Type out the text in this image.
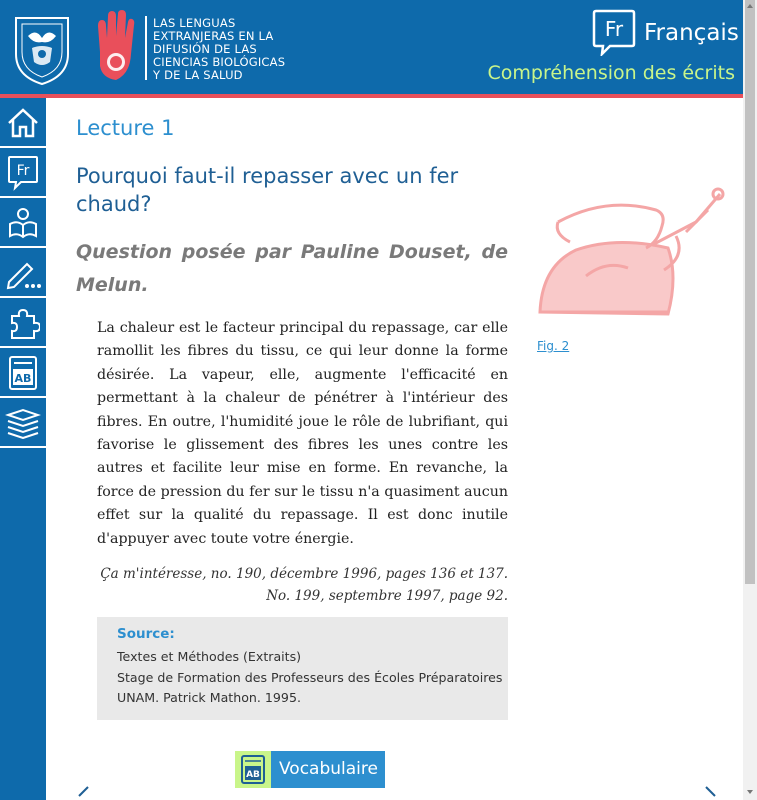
LAS LENGUAS
EXTRANJERAS EN LA
DIFUSIÓN DE LAS
CIENCIAS BIOLÓGICAS
Y DE LA SALUD
Fr Français
Compréhension des écrits
Fr
AB
Lecture 1
Pourquoi faut-il repasser avec un fer chaud?
Question posée par Pauline Douset, de Melun.
La chaleur est le facteur principal du repassage, car elle ramollit les fibres du tissu, ce qui leur donne la forme désirée. La vapeur, elle, augmente l'efficacité en permettant à la chaleur de pénétrer à l'intérieur des fibres. En outre, l'humidité joue le rôle de lubrifiant, qui favorise le glissement des fibres les unes contre les autres et facilite leur mise en forme. En revanche, la force de pression du fer sur le tissu n'a quasiment aucun effet sur la qualité du repassage. Il est donc inutile d'appuyer avec toute votre énergie.
Ça m'intéresse, no. 190, décembre 1996, pages 136 et 137.
No. 199, septembre 1997, page 92.
Source:
Textes et Méthodes (Extraits)
Stage de Formation des Professeurs des Écoles Préparatoires
UNAM. Patrick Mathon. 1995.
AB Vocabulaire
Fig. 2
